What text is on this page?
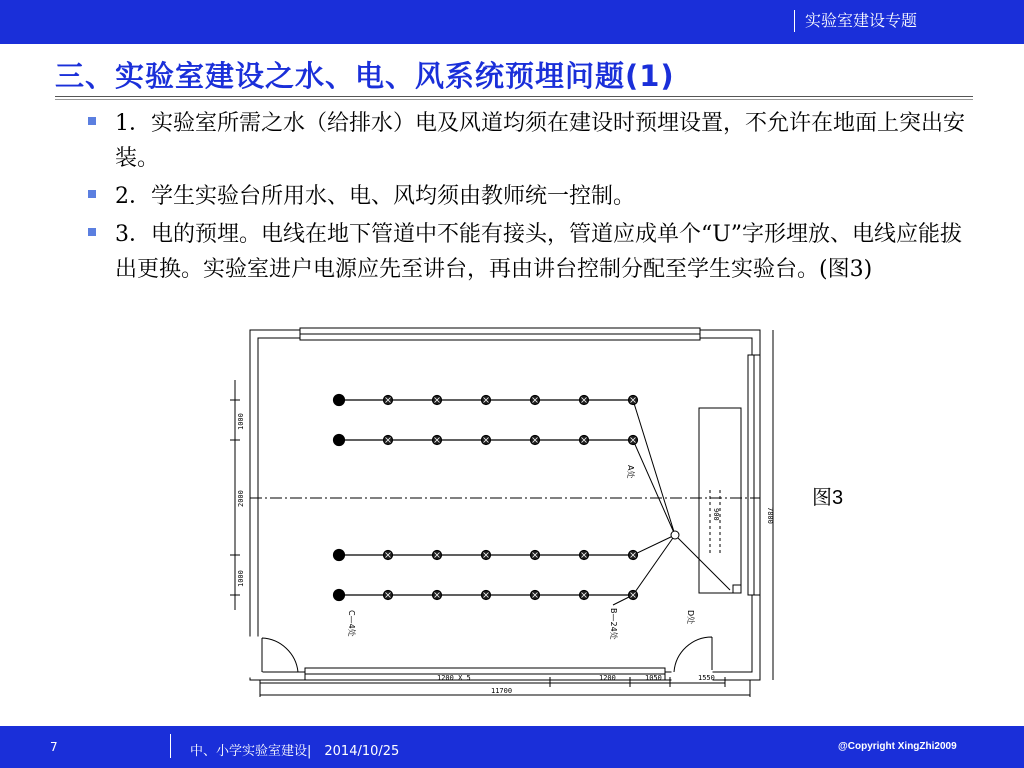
实验室建设专题
三、实验室建设之水、电、风系统预埋问题(1)
1．实验室所需之水（给排水）电及风道均须在建设时预埋设置，不允许在地面上突出安装。
2．学生实验台所用水、电、风均须由教师统一控制。
3．电的预埋。电线在地下管道中不能有接头，管道应成单个“U”字形埋放、电线应能拔出更换。实验室进户电源应先至讲台，再由讲台控制分配至学生实验台。(图3)
1000
2000
1000
7800
900
1200 X 5	1200	1050	1550
11700
A处
B—24处
C—4处	D处
图3
7	中、小学实验室建设|　2014/10/25	@Copyright XingZhi2009
